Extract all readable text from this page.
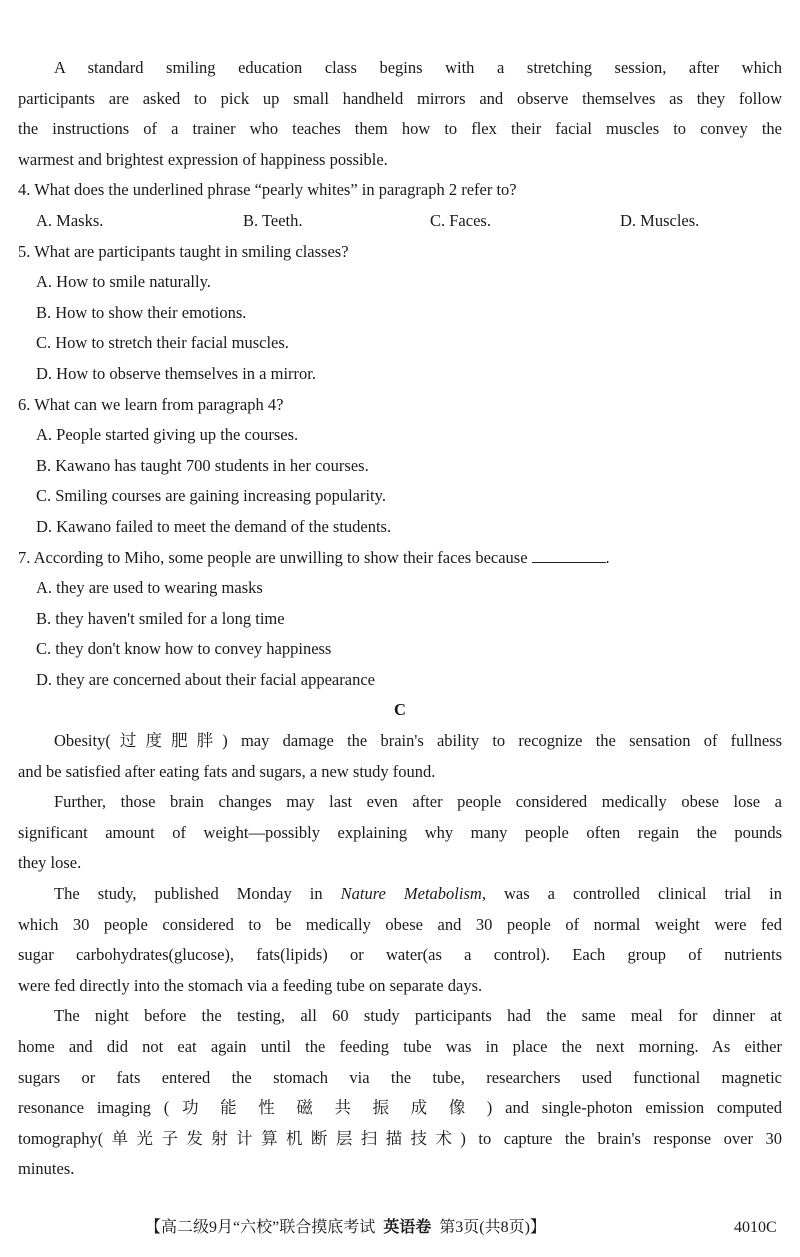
A standard smiling education class begins with a stretching session, after which
participants are asked to pick up small handheld mirrors and observe themselves as they follow
the instructions of a trainer who teaches them how to flex their facial muscles to convey the
warmest and brightest expression of happiness possible.
4. What does the underlined phrase “pearly whites” in paragraph 2 refer to?
A. Masks.	B. Teeth.	C. Faces.	D. Muscles.
5. What are participants taught in smiling classes?
A. How to smile naturally.
B. How to show their emotions.
C. How to stretch their facial muscles.
D. How to observe themselves in a mirror.
6. What can we learn from paragraph 4?
A. People started giving up the courses.
B. Kawano has taught 700 students in her courses.
C. Smiling courses are gaining increasing popularity.
D. Kawano failed to meet the demand of the students.
7. According to Miho, some people are unwilling to show their faces because	.
A. they are used to wearing masks
B. they haven't smiled for a long time
C. they don't know how to convey happiness
D. they are concerned about their facial appearance
C
Obesity(过度肥胖) may damage the brain's ability to recognize the sensation of fullness
and be satisfied after eating fats and sugars, a new study found.
Further, those brain changes may last even after people considered medically obese lose a
significant amount of weight—possibly explaining why many people often regain the pounds
they lose.
The study, published Monday in Nature Metabolism, was a controlled clinical trial in
which 30 people considered to be medically obese and 30 people of normal weight were fed
sugar carbohydrates(glucose), fats(lipids) or water(as a control). Each group of nutrients
were fed directly into the stomach via a feeding tube on separate days.
The night before the testing, all 60 study participants had the same meal for dinner at
home and did not eat again until the feeding tube was in place the next morning. As either
sugars or fats entered the stomach via the tube, researchers used functional magnetic
resonance imaging ( 功 能 性 磁 共 振 成 像 ) and single-photon emission computed
tomography(单光子发射计算机断层扫描技术) to capture the brain's response over 30
minutes.
【高二级9月“六校”联合摸底考试 英语卷 第3页(共8页)】	4010C
